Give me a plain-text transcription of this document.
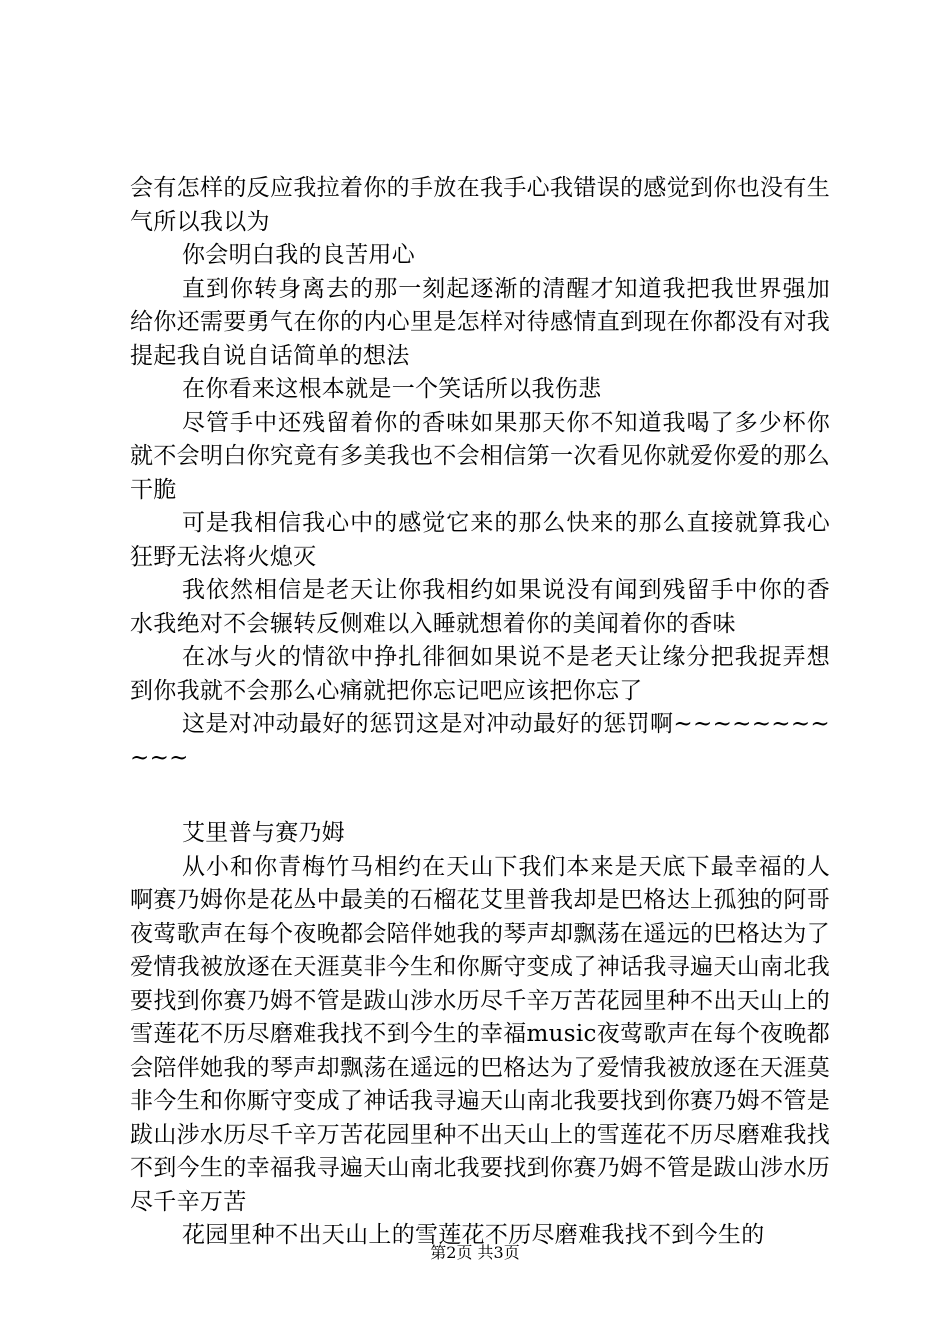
会有怎样的反应我拉着你的手放在我手心我错误的感觉到你也没有生气所以我以为

你会明白我的良苦用心

直到你转身离去的那一刻起逐渐的清醒才知道我把我世界强加给你还需要勇气在你的内心里是怎样对待感情直到现在你都没有对我提起我自说自话简单的想法

在你看来这根本就是一个笑话所以我伤悲

尽管手中还残留着你的香味如果那天你不知道我喝了多少杯你就不会明白你究竟有多美我也不会相信第一次看见你就爱你爱的那么干脆

可是我相信我心中的感觉它来的那么快来的那么直接就算我心狂野无法将火熄灭

我依然相信是老天让你我相约如果说没有闻到残留手中你的香水我绝对不会辗转反侧难以入睡就想着你的美闻着你的香味

在冰与火的情欲中挣扎徘徊如果说不是老天让缘分把我捉弄想到你我就不会那么心痛就把你忘记吧应该把你忘了

这是对冲动最好的惩罚这是对冲动最好的惩罚啊~~~~~~~~~~~

艾里普与赛乃姆

从小和你青梅竹马相约在天山下我们本来是天底下最幸福的人啊赛乃姆你是花丛中最美的石榴花艾里普我却是巴格达上孤独的阿哥夜莺歌声在每个夜晚都会陪伴她我的琴声却飘荡在遥远的巴格达为了爱情我被放逐在天涯莫非今生和你厮守变成了神话我寻遍天山南北我要找到你赛乃姆不管是跋山涉水历尽千辛万苦花园里种不出天山上的雪莲花不历尽磨难我找不到今生的幸福music夜莺歌声在每个夜晚都会陪伴她我的琴声却飘荡在遥远的巴格达为了爱情我被放逐在天涯莫非今生和你厮守变成了神话我寻遍天山南北我要找到你赛乃姆不管是跋山涉水历尽千辛万苦花园里种不出天山上的雪莲花不历尽磨难我找不到今生的幸福我寻遍天山南北我要找到你赛乃姆不管是跋山涉水历尽千辛万苦

花园里种不出天山上的雪莲花不历尽磨难我找不到今生的

第2页 共3页
